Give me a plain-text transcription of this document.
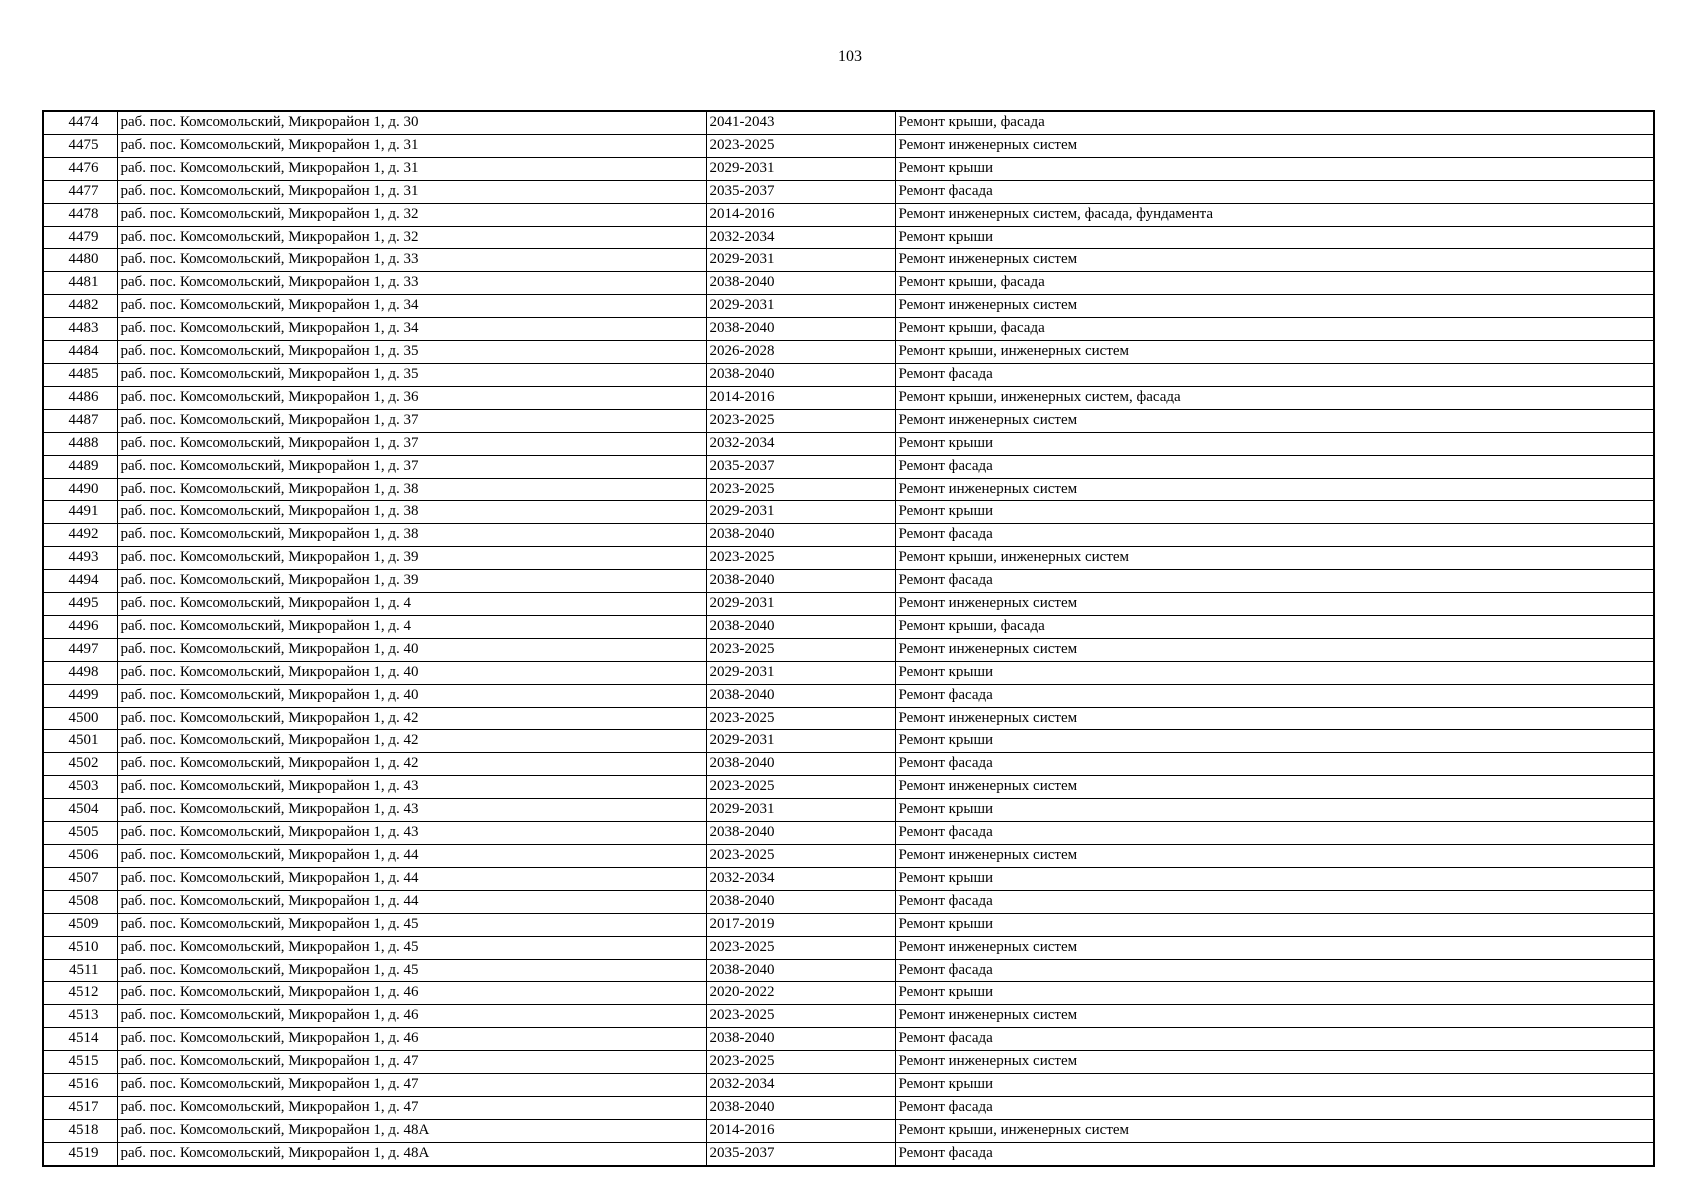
103
4474	раб. пос. Комсомольский, Микрорайон 1, д. 30	2041-2043	Ремонт крыши, фасада
4475	раб. пос. Комсомольский, Микрорайон 1, д. 31	2023-2025	Ремонт инженерных систем
4476	раб. пос. Комсомольский, Микрорайон 1, д. 31	2029-2031	Ремонт крыши
4477	раб. пос. Комсомольский, Микрорайон 1, д. 31	2035-2037	Ремонт фасада
4478	раб. пос. Комсомольский, Микрорайон 1, д. 32	2014-2016	Ремонт инженерных систем, фасада, фундамента
4479	раб. пос. Комсомольский, Микрорайон 1, д. 32	2032-2034	Ремонт крыши
4480	раб. пос. Комсомольский, Микрорайон 1, д. 33	2029-2031	Ремонт инженерных систем
4481	раб. пос. Комсомольский, Микрорайон 1, д. 33	2038-2040	Ремонт крыши, фасада
4482	раб. пос. Комсомольский, Микрорайон 1, д. 34	2029-2031	Ремонт инженерных систем
4483	раб. пос. Комсомольский, Микрорайон 1, д. 34	2038-2040	Ремонт крыши, фасада
4484	раб. пос. Комсомольский, Микрорайон 1, д. 35	2026-2028	Ремонт крыши, инженерных систем
4485	раб. пос. Комсомольский, Микрорайон 1, д. 35	2038-2040	Ремонт фасада
4486	раб. пос. Комсомольский, Микрорайон 1, д. 36	2014-2016	Ремонт крыши, инженерных систем, фасада
4487	раб. пос. Комсомольский, Микрорайон 1, д. 37	2023-2025	Ремонт инженерных систем
4488	раб. пос. Комсомольский, Микрорайон 1, д. 37	2032-2034	Ремонт крыши
4489	раб. пос. Комсомольский, Микрорайон 1, д. 37	2035-2037	Ремонт фасада
4490	раб. пос. Комсомольский, Микрорайон 1, д. 38	2023-2025	Ремонт инженерных систем
4491	раб. пос. Комсомольский, Микрорайон 1, д. 38	2029-2031	Ремонт крыши
4492	раб. пос. Комсомольский, Микрорайон 1, д. 38	2038-2040	Ремонт фасада
4493	раб. пос. Комсомольский, Микрорайон 1, д. 39	2023-2025	Ремонт крыши, инженерных систем
4494	раб. пос. Комсомольский, Микрорайон 1, д. 39	2038-2040	Ремонт фасада
4495	раб. пос. Комсомольский, Микрорайон 1, д. 4	2029-2031	Ремонт инженерных систем
4496	раб. пос. Комсомольский, Микрорайон 1, д. 4	2038-2040	Ремонт крыши, фасада
4497	раб. пос. Комсомольский, Микрорайон 1, д. 40	2023-2025	Ремонт инженерных систем
4498	раб. пос. Комсомольский, Микрорайон 1, д. 40	2029-2031	Ремонт крыши
4499	раб. пос. Комсомольский, Микрорайон 1, д. 40	2038-2040	Ремонт фасада
4500	раб. пос. Комсомольский, Микрорайон 1, д. 42	2023-2025	Ремонт инженерных систем
4501	раб. пос. Комсомольский, Микрорайон 1, д. 42	2029-2031	Ремонт крыши
4502	раб. пос. Комсомольский, Микрорайон 1, д. 42	2038-2040	Ремонт фасада
4503	раб. пос. Комсомольский, Микрорайон 1, д. 43	2023-2025	Ремонт инженерных систем
4504	раб. пос. Комсомольский, Микрорайон 1, д. 43	2029-2031	Ремонт крыши
4505	раб. пос. Комсомольский, Микрорайон 1, д. 43	2038-2040	Ремонт фасада
4506	раб. пос. Комсомольский, Микрорайон 1, д. 44	2023-2025	Ремонт инженерных систем
4507	раб. пос. Комсомольский, Микрорайон 1, д. 44	2032-2034	Ремонт крыши
4508	раб. пос. Комсомольский, Микрорайон 1, д. 44	2038-2040	Ремонт фасада
4509	раб. пос. Комсомольский, Микрорайон 1, д. 45	2017-2019	Ремонт крыши
4510	раб. пос. Комсомольский, Микрорайон 1, д. 45	2023-2025	Ремонт инженерных систем
4511	раб. пос. Комсомольский, Микрорайон 1, д. 45	2038-2040	Ремонт фасада
4512	раб. пос. Комсомольский, Микрорайон 1, д. 46	2020-2022	Ремонт крыши
4513	раб. пос. Комсомольский, Микрорайон 1, д. 46	2023-2025	Ремонт инженерных систем
4514	раб. пос. Комсомольский, Микрорайон 1, д. 46	2038-2040	Ремонт фасада
4515	раб. пос. Комсомольский, Микрорайон 1, д. 47	2023-2025	Ремонт инженерных систем
4516	раб. пос. Комсомольский, Микрорайон 1, д. 47	2032-2034	Ремонт крыши
4517	раб. пос. Комсомольский, Микрорайон 1, д. 47	2038-2040	Ремонт фасада
4518	раб. пос. Комсомольский, Микрорайон 1, д. 48А	2014-2016	Ремонт крыши, инженерных систем
4519	раб. пос. Комсомольский, Микрорайон 1, д. 48А	2035-2037	Ремонт фасада
